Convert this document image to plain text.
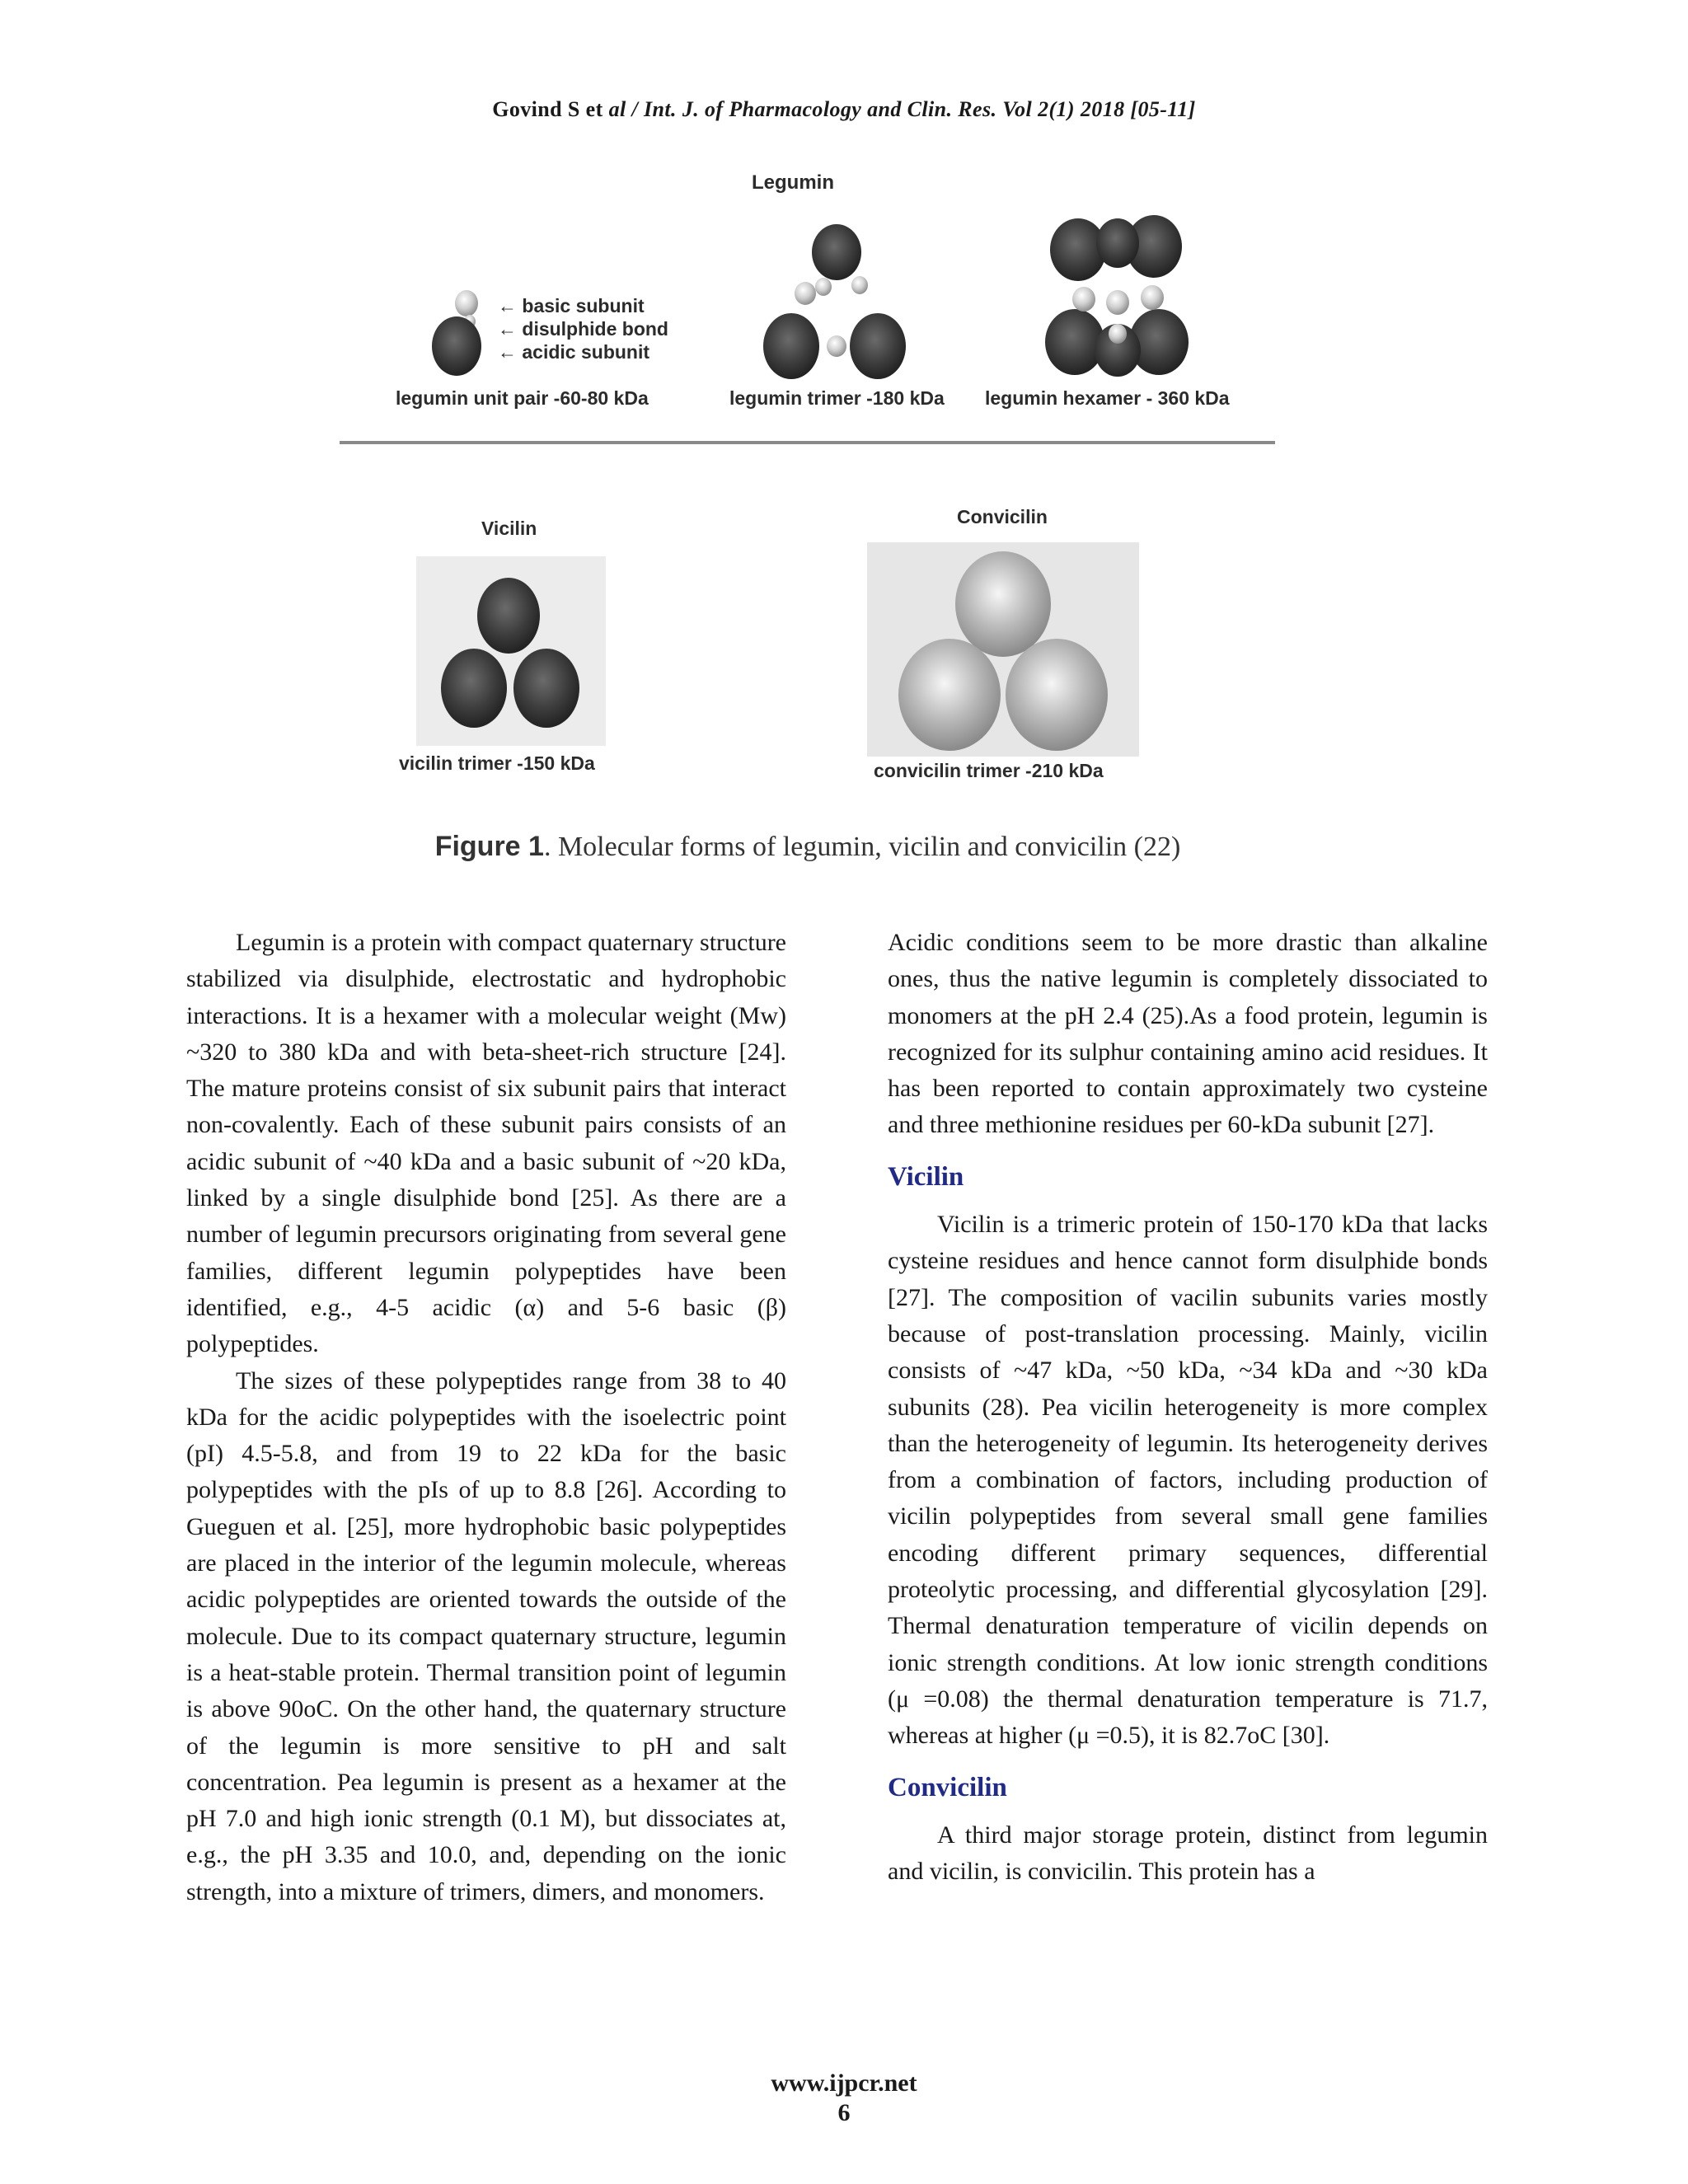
Govind S et al / Int. J. of Pharmacology and Clin. Res. Vol 2(1) 2018 [05-11]
Legumin
← basic subunit
← disulphide bond
← acidic subunit
legumin unit pair -60-80 kDa	legumin trimer -180 kDa legumin hexamer - 360 kDa
Vicilin
vicilin trimer -150 kDa
Convicilin
convicilin trimer -210 kDa
Figure 1. Molecular forms of legumin, vicilin and convicilin (22)

Legumin is a protein with compact quaternary structure stabilized via disulphide, electrostatic and hydrophobic interactions. It is a hexamer with a molecular weight (Mw) ~320 to 380 kDa and with beta-sheet-rich structure [24]. The mature proteins consist of six subunit pairs that interact non-covalently. Each of these subunit pairs consists of an acidic subunit of ~40 kDa and a basic subunit of ~20 kDa, linked by a single disulphide bond [25]. As there are a number of legumin precursors originating from several gene families, different legumin polypeptides have been identified, e.g., 4-5 acidic (α) and 5-6 basic (β) polypeptides.

The sizes of these polypeptides range from 38 to 40 kDa for the acidic polypeptides with the isoelectric point (pI) 4.5-5.8, and from 19 to 22 kDa for the basic polypeptides with the pIs of up to 8.8 [26]. According to Gueguen et al. [25], more hydrophobic basic polypeptides are placed in the interior of the legumin molecule, whereas acidic polypeptides are oriented towards the outside of the molecule. Due to its compact quaternary structure, legumin is a heat-stable protein. Thermal transition point of legumin is above 90oC. On the other hand, the quaternary structure of the legumin is more sensitive to pH and salt concentration. Pea legumin is present as a hexamer at the pH 7.0 and high ionic strength (0.1 M), but dissociates at, e.g., the pH 3.35 and 10.0, and, depending on the ionic strength, into a mixture of trimers, dimers, and monomers.

Acidic conditions seem to be more drastic than alkaline ones, thus the native legumin is completely dissociated to monomers at the pH 2.4 (25).As a food protein, legumin is recognized for its sulphur containing amino acid residues. It has been reported to contain approximately two cysteine and three methionine residues per 60-kDa subunit [27].

Vicilin

Vicilin is a trimeric protein of 150-170 kDa that lacks cysteine residues and hence cannot form disulphide bonds [27]. The composition of vacilin subunits varies mostly because of post-translation processing. Mainly, vicilin consists of ~47 kDa, ~50 kDa, ~34 kDa and ~30 kDa subunits (28). Pea vicilin heterogeneity is more complex than the heterogeneity of legumin. Its heterogeneity derives from a combination of factors, including production of vicilin polypeptides from several small gene families encoding different primary sequences, differential proteolytic processing, and differential glycosylation [29]. Thermal denaturation temperature of vicilin depends on ionic strength conditions. At low ionic strength conditions (μ =0.08) the thermal denaturation temperature is 71.7, whereas at higher (μ =0.5), it is 82.7oC [30].

Convicilin

A third major storage protein, distinct from legumin and vicilin, is convicilin. This protein has a

www.ijpcr.net
6
